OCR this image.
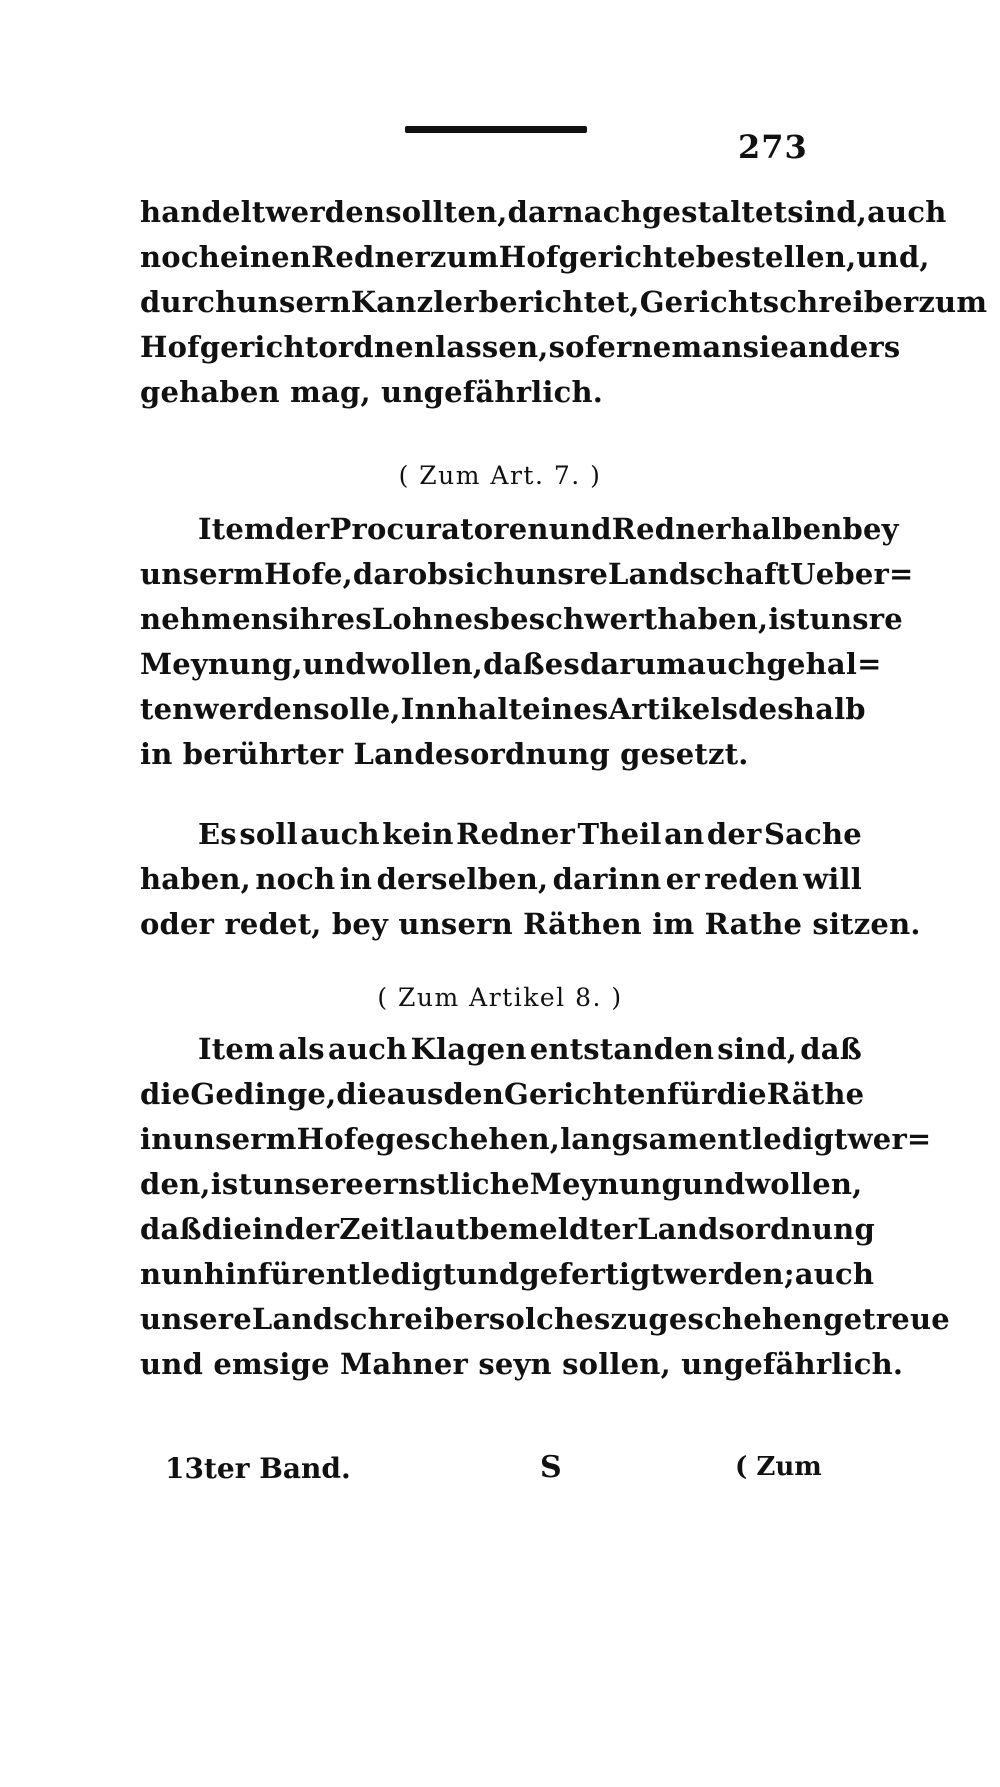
273
handelt werden sollten, darnach gestaltet sind, auch
noch einen Redner zum Hofgerichte bestellen, und,
durch unsern Kanzler berichtet, Gerichtschreiber zum
Hofgericht ordnen lassen, so ferne man sie anders
gehaben mag, ungefährlich.
( Zum Art. 7. )
Item der Procuratoren und Redner halben bey
unserm Hofe, darob sich unsre Landschaft Ueber=
nehmens ihres Lohnes beschwert haben, ist unsre
Meynung, und wollen, daß es darum auch gehal=
ten werden solle, Innhalt eines Artikels deshalb
in berührter Landesordnung gesetzt.
Es soll auch kein Redner Theil an der Sache
haben, noch in derselben, darinn er reden will
oder redet, bey unsern Räthen im Rathe sitzen.
( Zum Artikel 8. )
Item als auch Klagen entstanden sind, daß
die Gedinge, die aus den Gerichten für die Räthe
in unserm Hofe geschehen, langsam entledigt wer=
den, ist unsere ernstliche Meynung und wollen,
daß die in der Zeit laut bemeldter Landsordnung
nun hinfür entledigt und gefertigt werden; auch
unsere Landschreiber solches zu geschehen getreue
und emsige Mahner seyn sollen, ungefährlich.
13ter Band.	S	( Zum
